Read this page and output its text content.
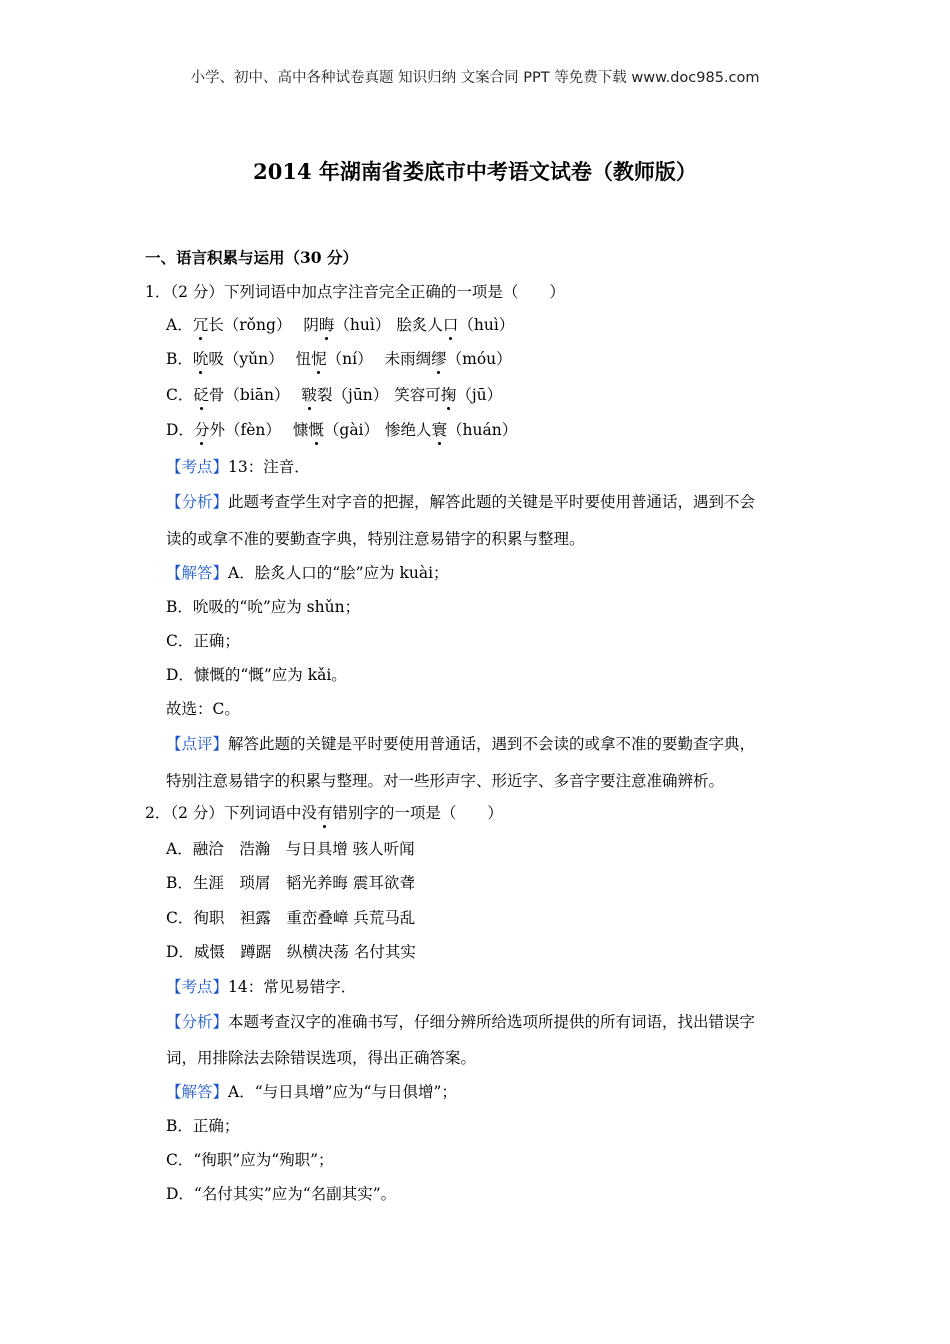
小学、初中、高中各种试卷真题 知识归纳 文案合同 PPT 等免费下载 www.doc985.com
2014 年湖南省娄底市中考语文试卷（教师版）
一、语言积累与运用（30 分）
1．（2 分）下列词语中加点字注音完全正确的一项是（　　）
A．冗长（rǒng） 阴晦（huì） 脍炙人口（huì）
B．吮吸（yǔn） 忸怩（ní） 未雨绸缪（móu）
C．砭骨（biān） 皲裂（jūn） 笑容可掬（jū）
D．分外（fèn） 慷慨（gài） 惨绝人寰（huán）
【考点】13：注音．
【分析】此题考查学生对字音的把握，解答此题的关键是平时要使用普通话，遇到不会
读的或拿不准的要勤查字典，特别注意易错字的积累与整理。
【解答】A．脍炙人口的“脍”应为 kuài；
B．吮吸的“吮”应为 shǔn；
C．正确；
D．慷慨的“慨”应为 kǎi。
故选：C。
【点评】解答此题的关键是平时要使用普通话，遇到不会读的或拿不准的要勤查字典，
特别注意易错字的积累与整理。对一些形声字、形近字、多音字要注意准确辨析。
2．（2 分）下列词语中没有错别字的一项是（　　）
A．融洽　浩瀚　与日具增 骇人听闻
B．生涯　琐屑　韬光养晦 震耳欲聋
C．徇职　袒露　重峦叠嶂 兵荒马乱
D．威慑　蹲踞　纵横决荡 名付其实
【考点】14：常见易错字．
【分析】本题考查汉字的准确书写，仔细分辨所给选项所提供的所有词语，找出错误字
词，用排除法去除错误选项，得出正确答案。
【解答】A．“与日具增”应为“与日俱增”；
B．正确；
C．“徇职”应为“殉职”；
D．“名付其实”应为“名副其实”。
